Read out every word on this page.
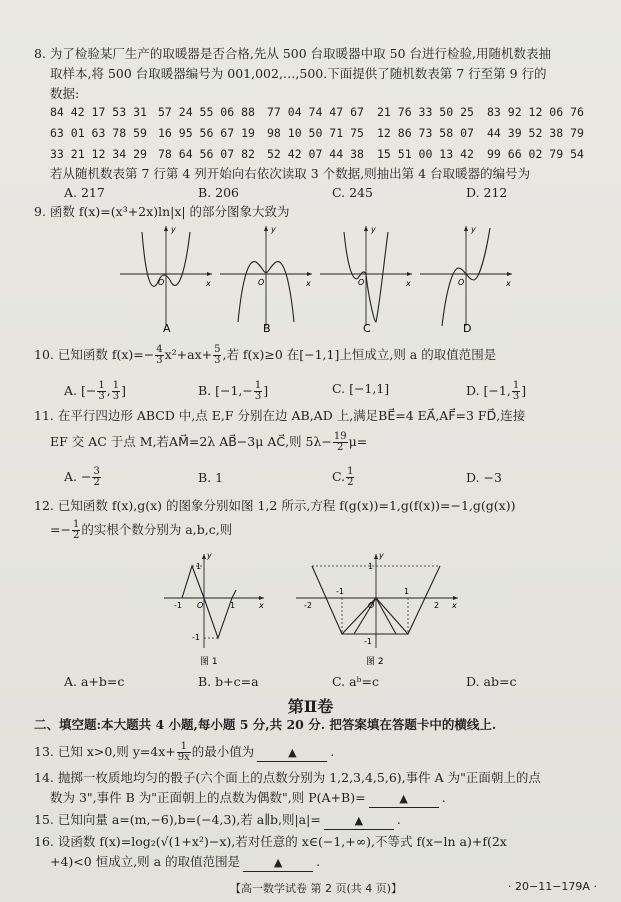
8. 为了检验某厂生产的取暖器是否合格,先从 500 台取暖器中取 50 台进行检验,用随机数表抽
取样本,将 500 台取暖器编号为 001,002,…,500.下面提供了随机数表第 7 行至第 9 行的
数据:
84 42 17 53 31 57 24 55 06 88 77 04 74 47 67 21 76 33 50 25 83 92 12 06 76
63 01 63 78 59 16 95 56 67 19 98 10 50 71 75 12 86 73 58 07 44 39 52 38 79
33 21 12 34 29 78 64 56 07 82 52 42 07 44 38 15 51 00 13 42 99 66 02 79 54
若从随机数表第 7 行第 4 列开始向右依次读取 3 个数据,则抽出第 4 台取暖器的编号为
A. 217	B. 206	C. 245	D. 212
9. 函数 f(x)=(x³+2x)ln|x| 的部分图象大致为
y
x
O
y
x
O
y
x
O
y
x
O
A	B	C	D
10. 已知函数 $f(x)=- \frac{4}{3} x^2+ax+ \frac{5}{3}$ ,若 f(x)≥0 在[−1,1]上恒成立,则 a 的取值范围是
A. [− $\frac{1}{3}$ , $\frac{1}{3}$ ]	B. [$-1,- \frac{1}{3}$ ]	C. [−1,1]	D. [−1, $\frac{1}{3}$ ]
11. 在平行四边形 ABCD 中,点 E,F 分别在边 AB,AD 上,满足BE⃗=4 EA⃗,AF⃗=3 FD⃗,连接
EF 交 AC 于点 M,若AM⃗=2λ AB⃗−3μ AC⃗,则 $5\lambda- \frac{19}{2} \mu=$
A. − $\frac{3}{2}$	B. 1	C. $\frac{1}{2}$	D. −3
12. 已知函数 f(x),g(x) 的图象分别如图 1,2 所示,方程 f(g(x))=1,g(f(x))=−1,g(g(x))
=− $\frac{1}{2}$ 的实根个数分别为 a,b,c,则
y
x
O
-1	1
1
-1
图 1
y
x
O
-2
-1	1
2
1
-1
图 2
A. a+b=c	B. b+c=a	C. aᵇ=c	D. ab=c
第Ⅱ卷
二、填空题:本大题共 4 小题,每小题 5 分,共 20 分. 把答案填在答题卡中的横线上.
13. 已知 x>0,则 $y=4x+ \frac{1}{9x}$ 的最小值为	▲	.
14. 抛掷一枚质地均匀的骰子(六个面上的点数分别为 1,2,3,4,5,6),事件 A 为"正面朝上的点
数为 3",事件 B 为"正面朝上的点数为偶数",则 P(A+B)=	▲	.
15. 已知向量 a=(m,−6),b=(−4,3),若 a∥b,则|a|=	▲	.
16. 设函数 f(x)=log₂(√(1+x²)−x),若对任意的 x∈(−1,+∞),不等式 f(x−ln a)+f(2x
+4)<0 恒成立,则 a 的取值范围是	▲	.
【高一数学试卷 第 2 页(共 4 页)】	· 20−11−179A ·
